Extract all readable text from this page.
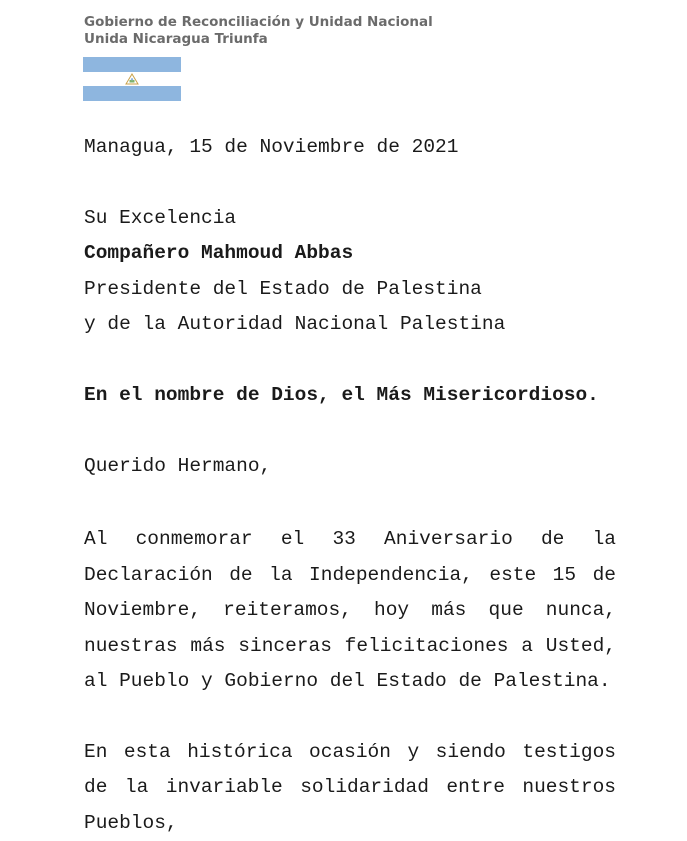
Gobierno de Reconciliación y Unidad Nacional
Unida Nicaragua Triunfa
Managua, 15 de Noviembre de 2021
Su Excelencia
Compañero Mahmoud Abbas
Presidente del Estado de Palestina
y de la Autoridad Nacional Palestina
En el nombre de Dios, el Más Misericordioso.
Querido Hermano,

Al conmemorar el 33 Aniversario de la Declaración de la Independencia, este 15 de Noviembre, reiteramos, hoy más que nunca, nuestras más sinceras felicitaciones a Usted, al Pueblo y Gobierno del Estado de Palestina.

En esta histórica ocasión y siendo testigos de la invariable solidaridad entre nuestros Pueblos,
